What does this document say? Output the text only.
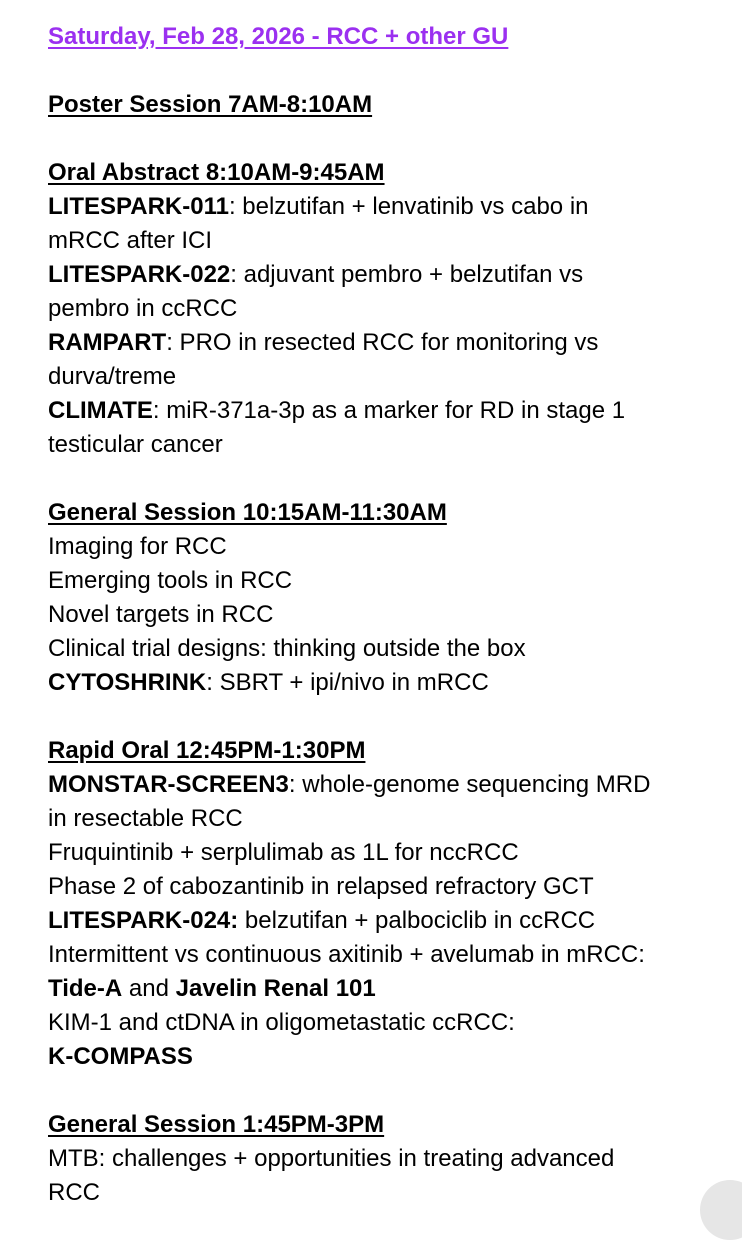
Saturday, Feb 28, 2026 - RCC + other GU

Poster Session 7AM-8:10AM

Oral Abstract 8:10AM-9:45AM

LITESPARK-011: belzutifan + lenvatinib vs cabo in

mRCC after ICI

LITESPARK-022: adjuvant pembro + belzutifan vs

pembro in ccRCC

RAMPART: PRO in resected RCC for monitoring vs

durva/treme

CLIMATE: miR-371a-3p as a marker for RD in stage 1

testicular cancer

General Session 10:15AM-11:30AM

Imaging for RCC

Emerging tools in RCC

Novel targets in RCC

Clinical trial designs: thinking outside the box

CYTOSHRINK: SBRT + ipi/nivo in mRCC

Rapid Oral 12:45PM-1:30PM

MONSTAR-SCREEN3: whole-genome sequencing MRD

in resectable RCC

Fruquintinib + serplulimab as 1L for nccRCC

Phase 2 of cabozantinib in relapsed refractory GCT

LITESPARK-024: belzutifan + palbociclib in ccRCC

Intermittent vs continuous axitinib + avelumab in mRCC:

Tide-A and Javelin Renal 101

KIM-1 and ctDNA in oligometastatic ccRCC:

K-COMPASS

General Session 1:45PM-3PM

MTB: challenges + opportunities in treating advanced

RCC
